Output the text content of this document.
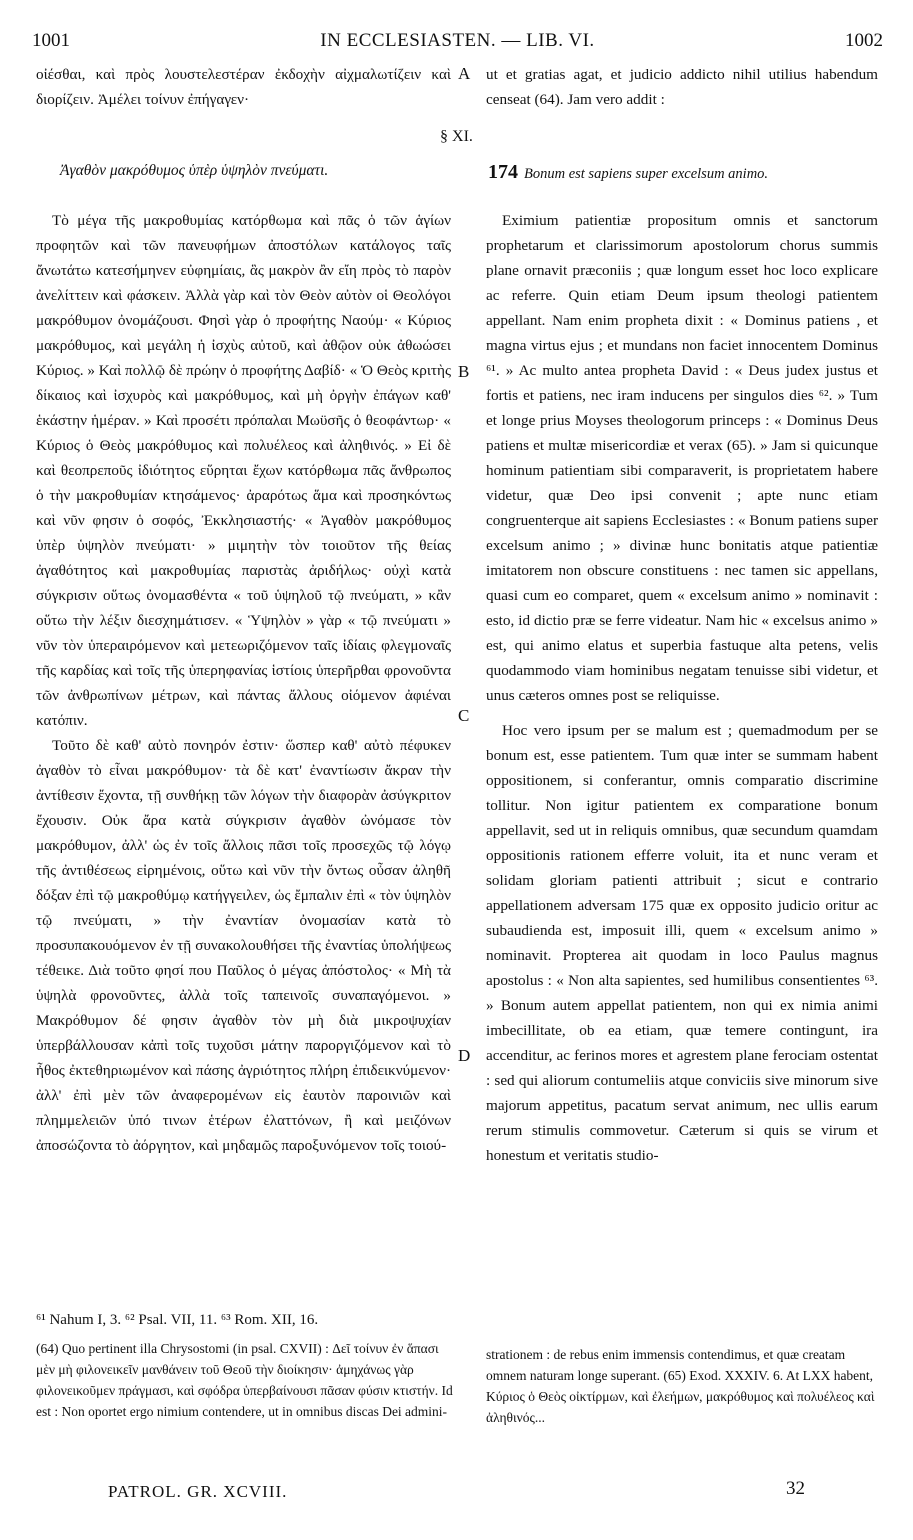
1001	IN ECCLESIASTEN. — LIB. VI.	1002

οἰέσθαι, καὶ πρὸς λουστελεστέραν ἐκδοχὴν αἰχμαλωτίζειν καὶ διορίζειν. Ἀμέλει τοίνυν ἐπήγαγεν·

ut et gratias agat, et judicio addicto nihil utilius habendum censeat (64). Jam vero addit :

A
B
C
D
§ XI.
Ἀγαθὸν μακρόθυμος ὑπὲρ ὑψηλὸν πνεύματι.	174 Bonum est sapiens super excelsum animo.

Τὸ μέγα τῆς μακροθυμίας κατόρθωμα καὶ πᾶς ὁ τῶν ἁγίων προφητῶν καὶ τῶν πανευφήμων ἀποστόλων κατάλογος ταῖς ἄνωτάτω κατεσήμηνεν εὐφημίαις, ἃς μακρὸν ἂν εἴη πρὸς τὸ παρὸν ἀνελίττειν καὶ φάσκειν. Ἀλλὰ γὰρ καὶ τὸν Θεὸν αὐτὸν οἱ Θεολόγοι μακρόθυμον ὀνομάζουσι. Φησὶ γὰρ ὁ προφήτης Ναούμ· « Κύριος μακρόθυμος, καὶ μεγάλη ἡ ἰσχὺς αὐτοῦ, καὶ ἀθῷον οὐκ ἀθωώσει Κύριος. » Καὶ πολλῷ δὲ πρώην ὁ προφήτης Δαβίδ· « Ὁ Θεὸς κριτὴς δίκαιος καὶ ἰσχυρὸς καὶ μακρόθυμος, καὶ μὴ ὀργὴν ἐπάγων καθ' ἑκάστην ἡμέραν. » Καὶ προσέτι πρόπαλαι Μωϋσῆς ὁ θεοφάντωρ· « Κύριος ὁ Θεὸς μακρόθυμος καὶ πολυέλεος καὶ ἀληθινός. » Εἰ δὲ καὶ θεοπρεποῦς ἰδιότητος εὕρηται ἔχων κατόρθωμα πᾶς ἄνθρωπος ὁ τὴν μακροθυμίαν κτησάμενος· ἀραρότως ἅμα καὶ προσηκόντως καὶ νῦν φησιν ὁ σοφός, Ἐκκλησιαστής· « Ἀγαθὸν μακρόθυμος ὑπὲρ ὑψηλὸν πνεύματι· » μιμητὴν τὸν τοιοῦτον τῆς θείας ἀγαθότητος καὶ μακροθυμίας παριστὰς ἀριδήλως· οὐχὶ κατὰ σύγκρισιν οὕτως ὀνομασθέντα « τοῦ ὑψηλοῦ τῷ πνεύματι, » κἂν οὕτω τὴν λέξιν διεσχημάτισεν. « Ὑψηλὸν » γὰρ « τῷ πνεύματι » νῦν τὸν ὑπεραιρόμενον καὶ μετεωριζόμενον ταῖς ἰδίαις φλεγμοναῖς τῆς καρδίας καὶ τοῖς τῆς ὑπερηφανίας ἱστίοις ὑπερῆρθαι φρονοῦντα τῶν ἀνθρωπίνων μέτρων, καὶ πάντας ἄλλους οἰόμενον ἀφιέναι κατόπιν.

Τοῦτο δὲ καθ' αὐτὸ πονηρόν ἐστιν· ὥσπερ καθ' αὐτὸ πέφυκεν ἀγαθὸν τὸ εἶναι μακρόθυμον· τὰ δὲ κατ' ἐναντίωσιν ἄκραν τὴν ἀντίθεσιν ἔχοντα, τῇ συνθήκῃ τῶν λόγων τὴν διαφορὰν ἀσύγκριτον ἔχουσιν. Οὐκ ἄρα κατὰ σύγκρισιν ἀγαθὸν ὠνόμασε τὸν μακρόθυμον, ἀλλ' ὡς ἐν τοῖς ἄλλοις πᾶσι τοῖς προσεχῶς τῷ λόγῳ τῆς ἀντιθέσεως εἰρημένοις, οὕτω καὶ νῦν τὴν ὄντως οὖσαν ἀληθῆ δόξαν ἐπὶ τῷ μακροθύμῳ κατήγγειλεν, ὡς ἔμπαλιν ἐπὶ « τὸν ὑψηλὸν τῷ πνεύματι, » τὴν ἐναντίαν ὀνομασίαν κατὰ τὸ προσυπακουόμενον ἐν τῇ συνακολουθήσει τῆς ἐναντίας ὑπολήψεως τέθεικε. Διὰ τοῦτο φησί που Παῦλος ὁ μέγας ἀπόστολος· « Μὴ τὰ ὑψηλὰ φρονοῦντες, ἀλλὰ τοῖς ταπεινοῖς συναπαγόμενοι. » Μακρόθυμον δέ φησιν ἀγαθὸν τὸν μὴ διὰ μικροψυχίαν ὑπερβάλλουσαν κἀπὶ τοῖς τυχοῦσι μάτην παροργιζόμενον καὶ τὸ ἦθος ἐκτεθηριωμένον καὶ πάσης ἀγριότητος πλήρη ἐπιδεικνύμενον· ἀλλ' ἐπὶ μὲν τῶν ἀναφερομένων εἰς ἑαυτὸν παροινιῶν καὶ πλημμελειῶν ὑπό τινων ἑτέρων ἐλαττόνων, ἢ καὶ μειζόνων ἀποσώζοντα τὸ ἀόργητον, καὶ μηδαμῶς παροξυνόμενον τοῖς τοιού-

Eximium patientiæ propositum omnis et sanctorum prophetarum et clarissimorum apostolorum chorus summis plane ornavit præconiis ; quæ longum esset hoc loco explicare ac referre. Quin etiam Deum ipsum theologi patientem appellant. Nam enim propheta dixit : « Dominus patiens , et magna virtus ejus ; et mundans non faciet innocentem Dominus ⁶¹. » Ac multo antea propheta David : « Deus judex justus et fortis et patiens, nec iram inducens per singulos dies ⁶². » Tum et longe prius Moyses theologorum princeps : « Dominus Deus patiens et multæ misericordiæ et verax (65). » Jam si quicunque hominum patientiam sibi comparaverit, is proprietatem habere videtur, quæ Deo ipsi convenit ; apte nunc etiam congruenterque ait sapiens Ecclesiastes : « Bonum patiens super excelsum animo ; » divinæ hunc bonitatis atque patientiæ imitatorem non obscure constituens : nec tamen sic appellans, quasi cum eo comparet, quem « excelsum animo » nominavit : esto, id dictio præ se ferre videatur. Nam hic « excelsus animo » est, qui animo elatus et superbia fastuque alta petens, velis quodammodo viam hominibus negatam tenuisse sibi videtur, et unus cæteros omnes post se reliquisse.

Hoc vero ipsum per se malum est ; quemadmodum per se bonum est, esse patientem. Tum quæ inter se summam habent oppositionem, si conferantur, omnis comparatio discrimine tollitur. Non igitur patientem ex comparatione bonum appellavit, sed ut in reliquis omnibus, quæ secundum quamdam oppositionis rationem efferre voluit, ita et nunc veram et solidam gloriam patienti attribuit ; sicut e contrario appellationem adversam 175 quæ ex opposito judicio oritur ac subaudienda est, imposuit illi, quem « excelsum animo » nominavit. Propterea ait quodam in loco Paulus magnus apostolus : « Non alta sapientes, sed humilibus consentientes ⁶³. » Bonum autem appellat patientem, non qui ex nimia animi imbecillitate, ob ea etiam, quæ temere contingunt, ira accenditur, ac ferinos mores et agrestem plane ferociam ostentat : sed qui aliorum contumeliis atque conviciis sive minorum sive majorum appetitus, pacatum servat animum, nec ullis earum rerum stimulis commovetur. Cæterum si quis se virum et honestum et veritatis studio-

⁶¹ Nahum I, 3. ⁶² Psal. VII, 11. ⁶³ Rom. XII, 16.
(64) Quo pertinent illa Chrysostomi (in psal. CXVII) : Δεῖ τοίνυν ἐν ἅπασι μὲν μὴ φιλονεικεῖν μανθάνειν τοῦ Θεοῦ τὴν διοίκησιν· ἀμηχάνως γὰρ φιλονεικοῦμεν πράγμασι, καὶ σφόδρα ὑπερβαίνουσι πᾶσαν φύσιν κτιστήν. Id est : Non oportet ergo nimium contendere, ut in omnibus discas Dei admini-
strationem : de rebus enim immensis contendimus, et quæ creatam omnem naturam longe superant. (65) Exod. XXXIV. 6. At LXX habent, Κύριος ὁ Θεὸς οἰκτίρμων, καὶ ἐλεήμων, μακρόθυμος καὶ πολυέλεος καὶ ἀληθινός...
PATROL. GR. XCVIII.	32
